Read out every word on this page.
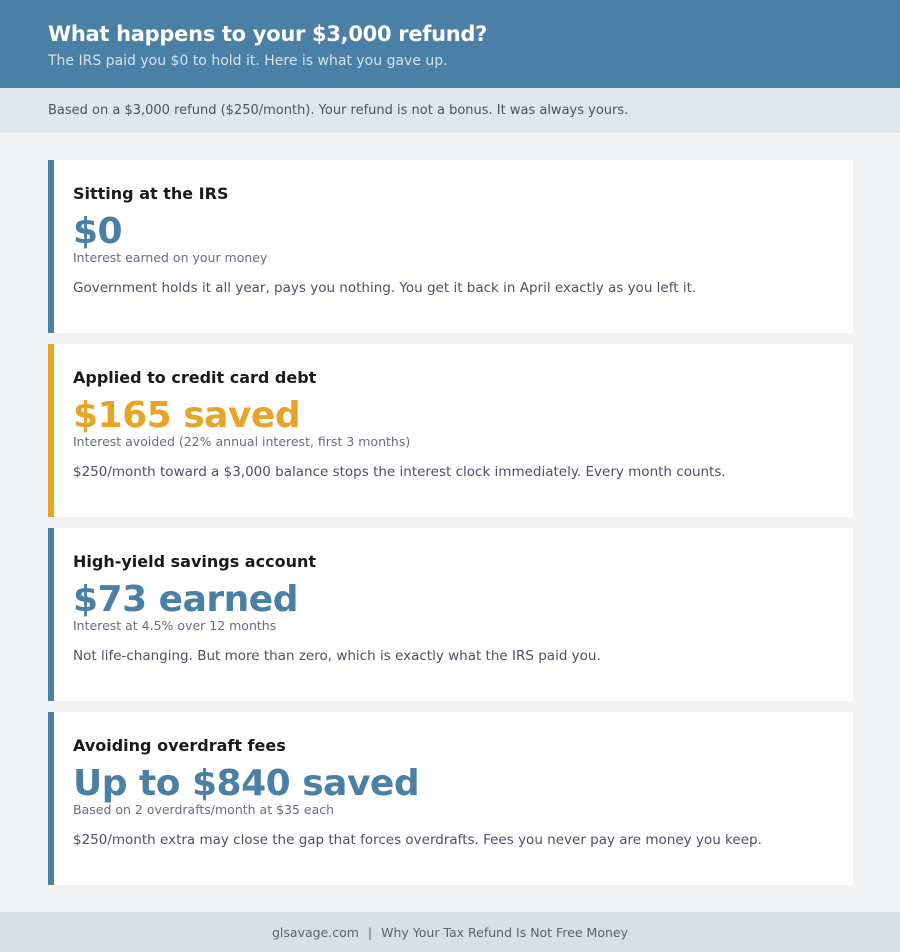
What happens to your $3,000 refund?
The IRS paid you $0 to hold it. Here is what you gave up.
Based on a $3,000 refund ($250/month). Your refund is not a bonus. It was always yours.
Sitting at the IRS
$0
Interest earned on your money
Government holds it all year, pays you nothing. You get it back in April exactly as you left it.
Applied to credit card debt
$165 saved
Interest avoided (22% annual interest, first 3 months)
$250/month toward a $3,000 balance stops the interest clock immediately. Every month counts.
High-yield savings account
$73 earned
Interest at 4.5% over 12 months
Not life-changing. But more than zero, which is exactly what the IRS paid you.
Avoiding overdraft fees
Up to $840 saved
Based on 2 overdrafts/month at $35 each
$250/month extra may close the gap that forces overdrafts. Fees you never pay are money you keep.
glsavage.com | Why Your Tax Refund Is Not Free Money
